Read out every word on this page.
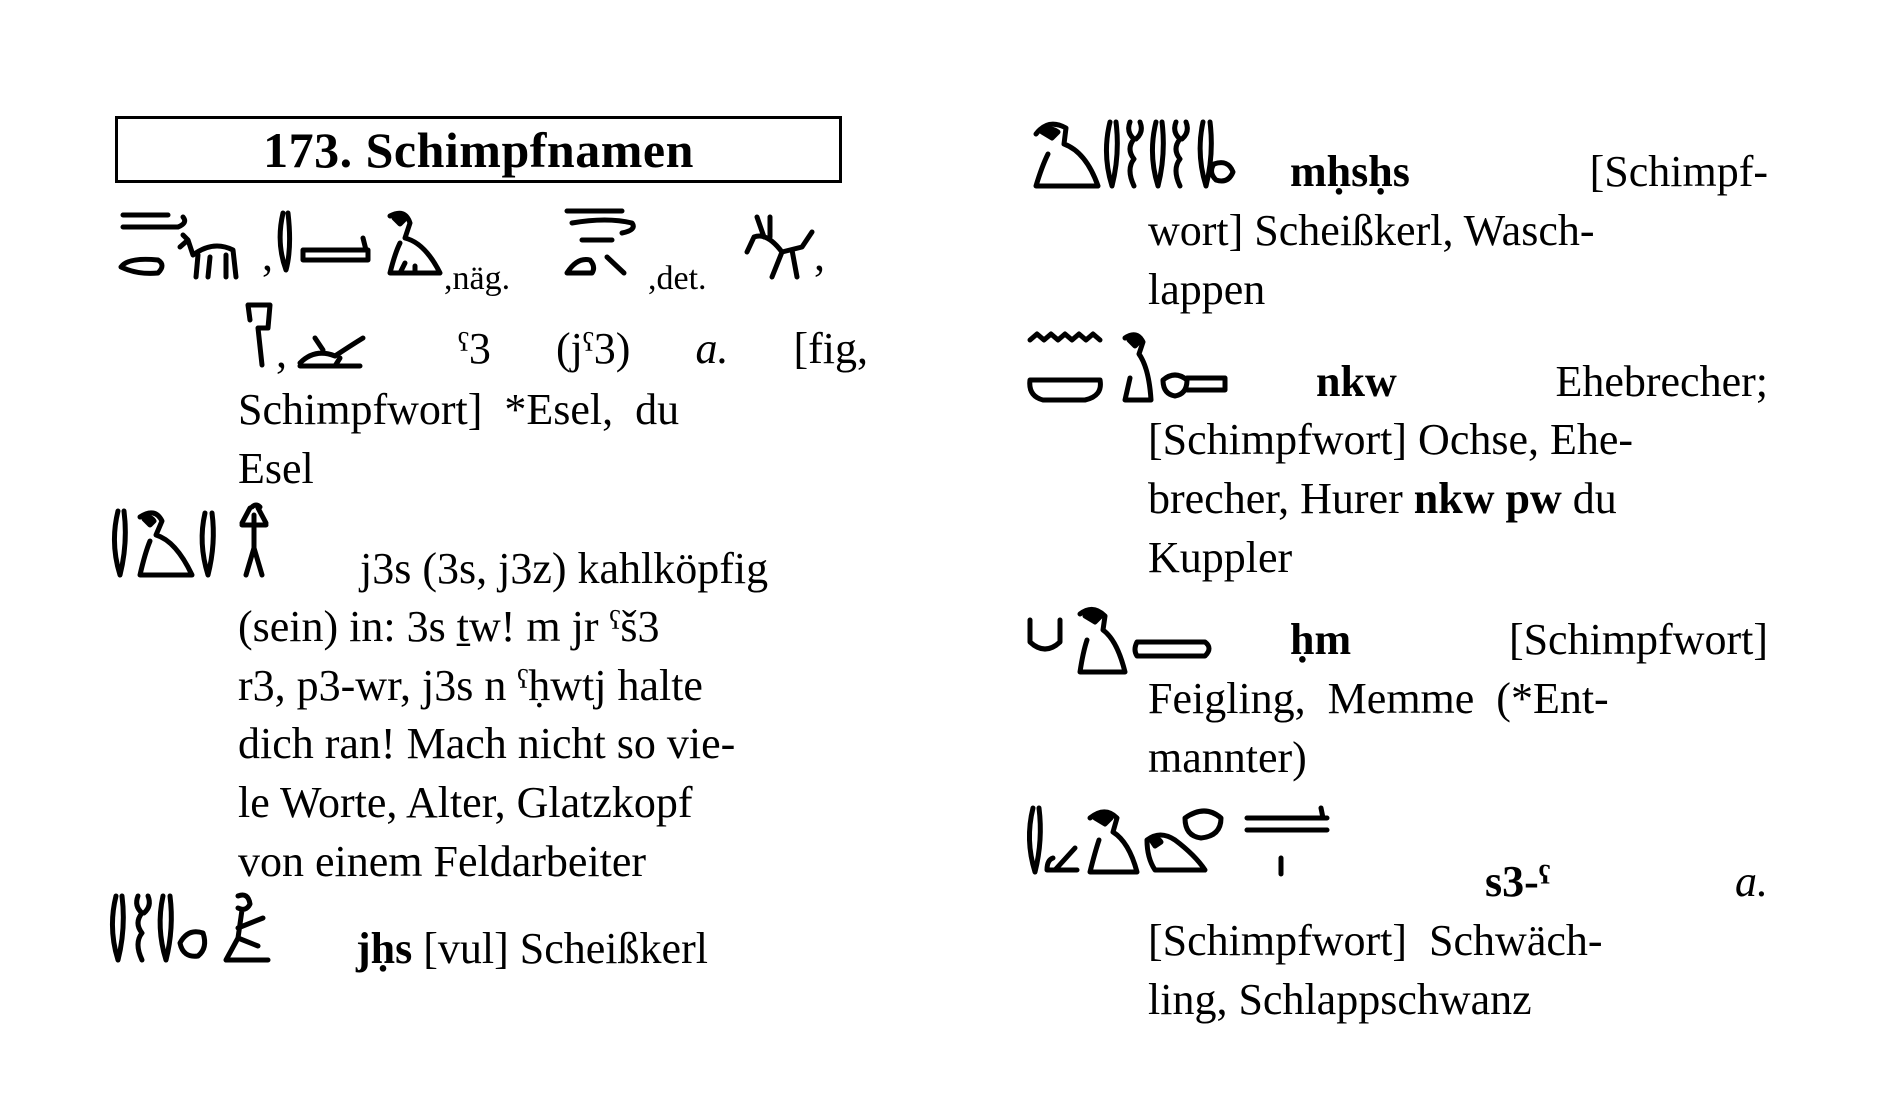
173. Schimpfnamen
,	,näg.	,det. ,
,	ˁ3 (jˁ3) a. [fig,
Schimpfwort]  *Esel,  du
Esel
j3s (3s, j3z) kahlköpfig
(sein) in: 3s ṯw! m jr ˁš3
r3, p3-wr, j3s n ˁḥwtj halte
dich ran! Mach nicht so vie-
le Worte, Alter, Glatzkopf
von einem Feldarbeiter
jḥs [vul] Scheißkerl
mḥsḥs	[Schimpf-
wort] Scheißkerl, Wasch-
lappen
nkw	Ehebrecher;
[Schimpfwort] Ochse, Ehe-
brecher, Hurer nkw pw du
Kuppler
ḥm	[Schimpfwort]
Feigling,  Memme  (*Ent-
mannter)
s3-ˁ	a.
[Schimpfwort]  Schwäch-
ling, Schlappschwanz
